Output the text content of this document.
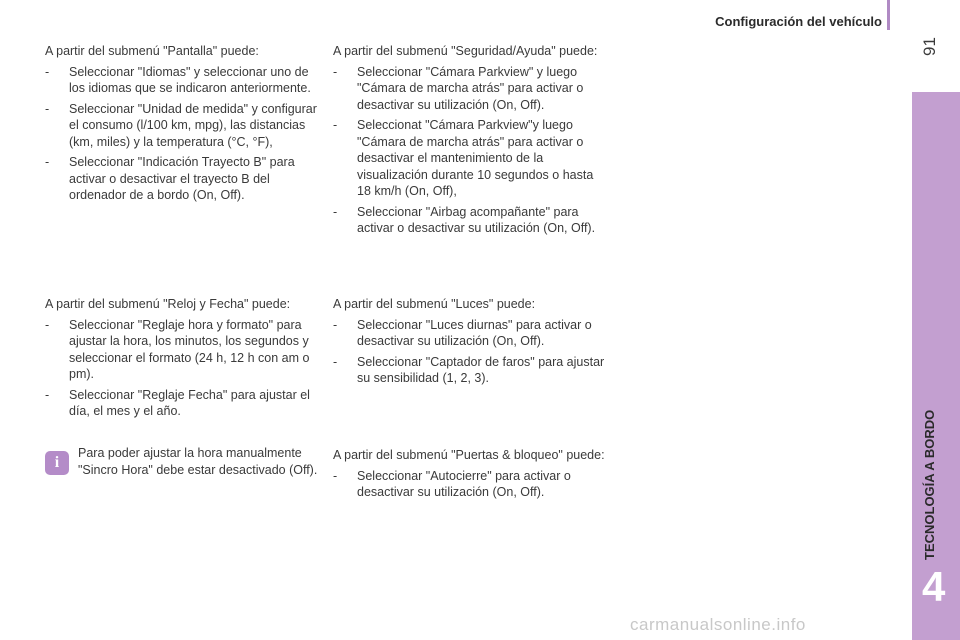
Configuración del vehículo
91
TECNOLOGÍA A BORDO
4

A partir del submenú "Pantalla" puede:

- Seleccionar "Idiomas" y seleccionar uno de los idiomas que se indicaron anteriormente.
- Seleccionar "Unidad de medida" y configurar el consumo (l/100 km, mpg), las distancias (km, miles) y la temperatura (°C, °F),
- Seleccionar "Indicación Trayecto B" para activar o desactivar el trayecto B del ordenador de a bordo (On, Off).

A partir del submenú "Reloj y Fecha" puede:

- Seleccionar "Reglaje hora y formato" para ajustar la hora, los minutos, los segundos y seleccionar el formato (24 h, 12 h con am o pm).
- Seleccionar "Reglaje Fecha" para ajustar el día, el mes y el año.
i
Para poder ajustar la hora manualmente "Sincro Hora" debe estar desactivado (Off).

A partir del submenú "Seguridad/Ayuda" puede:

- Seleccionar "Cámara Parkview" y luego "Cámara de marcha atrás" para activar o desactivar su utilización (On, Off).
- Seleccionat "Cámara Parkview"y luego "Cámara de marcha atrás" para activar o desactivar el mantenimiento de la visualización durante 10 segundos o hasta 18 km/h (On, Off),
- Seleccionar "Airbag acompañante" para activar o desactivar su utilización (On, Off).

A partir del submenú "Luces" puede:

- Seleccionar "Luces diurnas" para activar o desactivar su utilización (On, Off).
- Seleccionar "Captador de faros" para ajustar su sensibilidad (1, 2, 3).

A partir del submenú "Puertas & bloqueo" puede:

- Seleccionar "Autocierre" para activar o desactivar su utilización (On, Off).
carmanualsonline.info
